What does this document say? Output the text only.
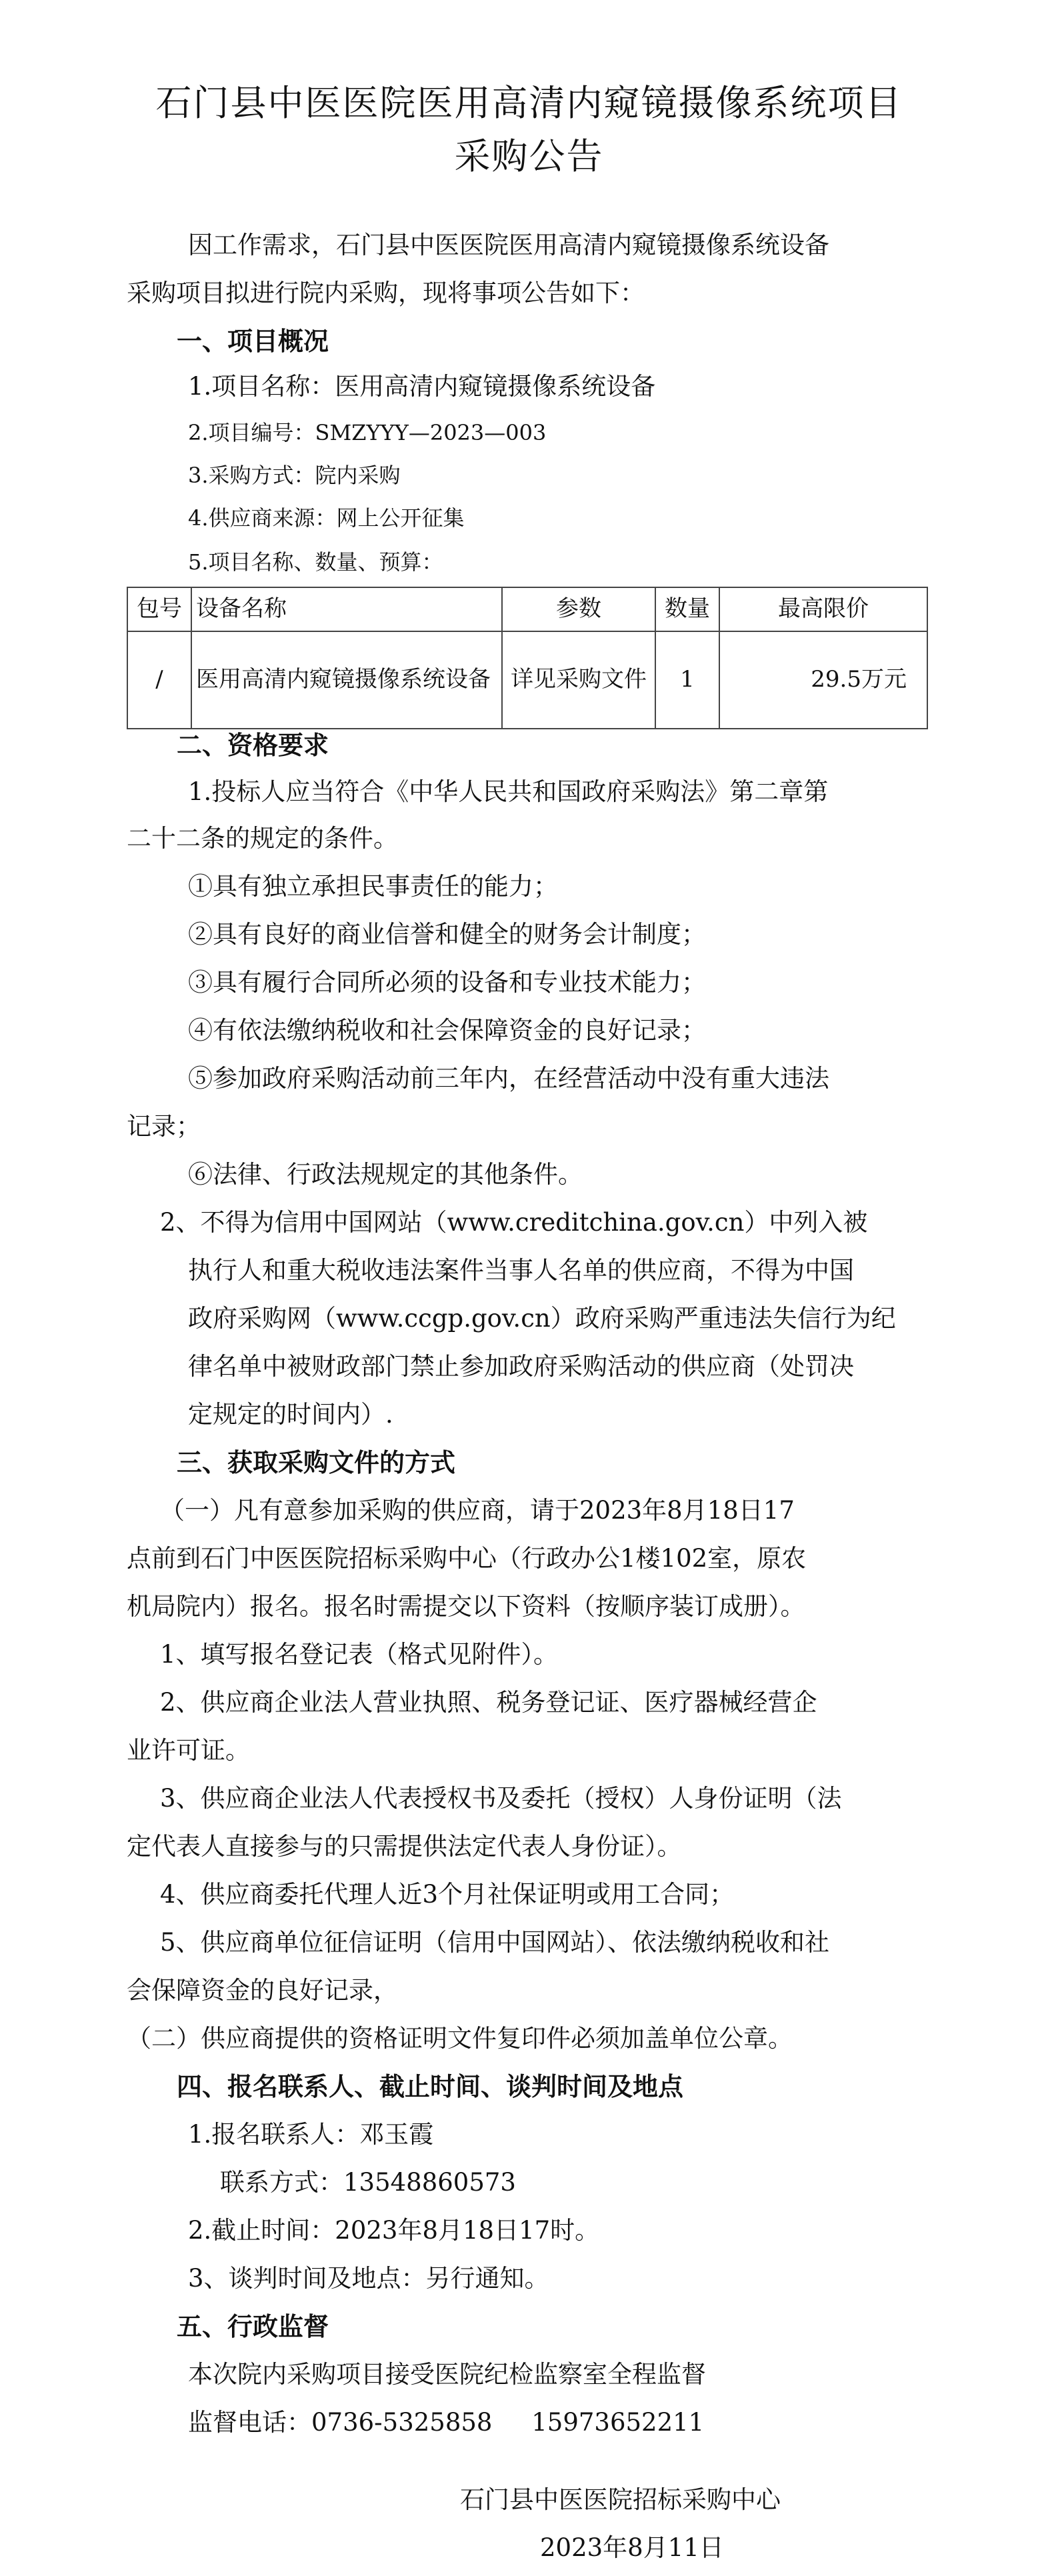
石门县中医医院医用高清内窥镜摄像系统项目
采购公告
因工作需求，石门县中医医院医用高清内窥镜摄像系统设备
采购项目拟进行院内采购，现将事项公告如下：
一、项目概况
1.项目名称：医用高清内窥镜摄像系统设备
2.项目编号：SMZYYY—2023—003
3.采购方式：院内采购
4.供应商来源：网上公开征集
5.项目名称、数量、预算：
包号	设备名称	参数	数量	最高限价
/	医用高清内窥镜摄像系统设备	详见采购文件	1	29.5万元
二、资格要求
1.投标人应当符合《中华人民共和国政府采购法》第二章第
二十二条的规定的条件。
①具有独立承担民事责任的能力；
②具有良好的商业信誉和健全的财务会计制度；
③具有履行合同所必须的设备和专业技术能力；
④有依法缴纳税收和社会保障资金的良好记录；
⑤参加政府采购活动前三年内，在经营活动中没有重大违法
记录；
⑥法律、行政法规规定的其他条件。
2、不得为信用中国网站（www.creditchina.gov.cn）中列入被
执行人和重大税收违法案件当事人名单的供应商，不得为中国
政府采购网（www.ccgp.gov.cn）政府采购严重违法失信行为纪
律名单中被财政部门禁止参加政府采购活动的供应商（处罚决
定规定的时间内）.
三、获取采购文件的方式
（一）凡有意参加采购的供应商，请于2023年8月18日17
点前到石门中医医院招标采购中心（行政办公1楼102室，原农
机局院内）报名。报名时需提交以下资料（按顺序装订成册）。
1、填写报名登记表（格式见附件）。
2、供应商企业法人营业执照、税务登记证、医疗器械经营企
业许可证。
3、供应商企业法人代表授权书及委托（授权）人身份证明（法
定代表人直接参与的只需提供法定代表人身份证）。
4、供应商委托代理人近3个月社保证明或用工合同；
5、供应商单位征信证明（信用中国网站）、依法缴纳税收和社
会保障资金的良好记录，
（二）供应商提供的资格证明文件复印件必须加盖单位公章。
四、报名联系人、截止时间、谈判时间及地点
1.报名联系人：邓玉霞
联系方式：13548860573
2.截止时间：2023年8月18日17时。
3、谈判时间及地点：另行通知。
五、行政监督
本次院内采购项目接受医院纪检监察室全程监督
监督电话：0736-5325858     15973652211
石门县中医医院招标采购中心
2023年8月11日
